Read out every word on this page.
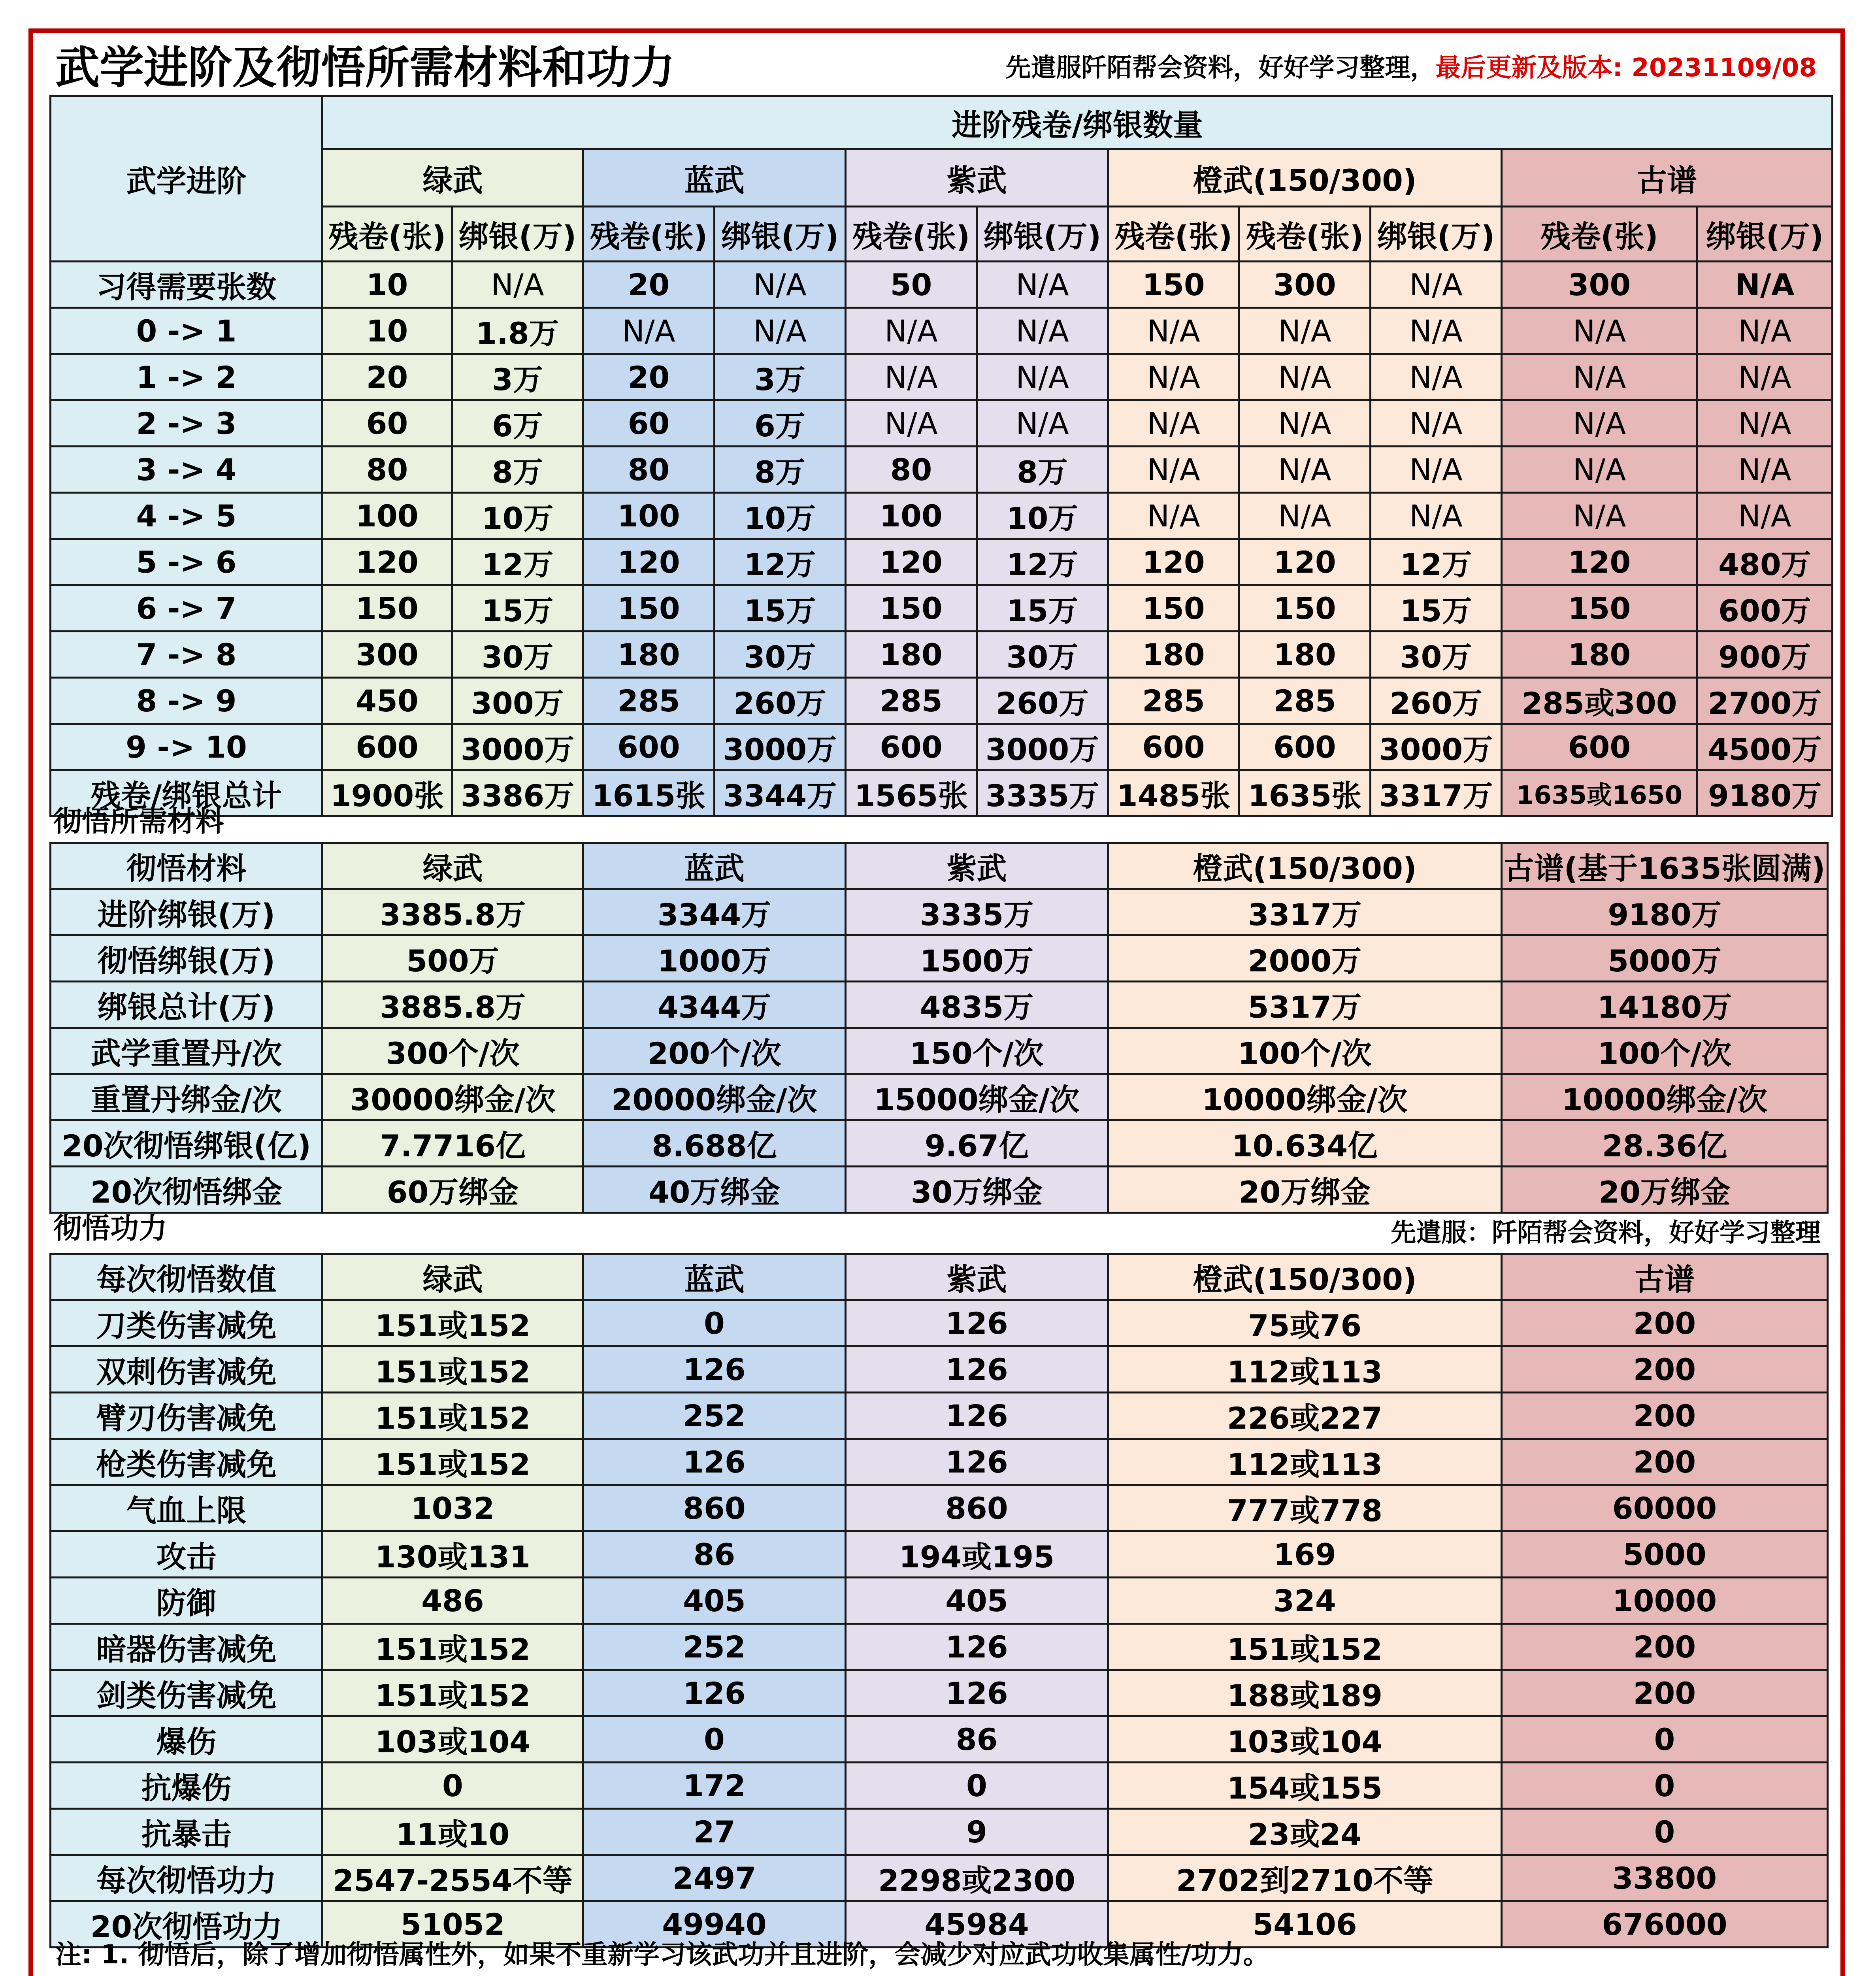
武学进阶及彻悟所需材料和功力	先遣服阡陌帮会资料，好好学习整理，最后更新及版本: 20231109/08
武学进阶	进阶残卷/绑银数量										
	绿武		蓝武		紫武		橙武(150/300)			古谱	
	残卷(张)	绑银(万)	残卷(张)	绑银(万)	残卷(张)	绑银(万)	残卷(张)	残卷(张)	绑银(万)	残卷(张)	绑银(万)
习得需要张数	10	N/A	20	N/A	50	N/A	150	300	N/A	300	N/A
0 -> 1	10	1.8万	N/A	N/A	N/A	N/A	N/A	N/A	N/A	N/A	N/A
1 -> 2	20	3万	20	3万	N/A	N/A	N/A	N/A	N/A	N/A	N/A
2 -> 3	60	6万	60	6万	N/A	N/A	N/A	N/A	N/A	N/A	N/A
3 -> 4	80	8万	80	8万	80	8万	N/A	N/A	N/A	N/A	N/A
4 -> 5	100	10万	100	10万	100	10万	N/A	N/A	N/A	N/A	N/A
5 -> 6	120	12万	120	12万	120	12万	120	120	12万	120	480万
6 -> 7	150	15万	150	15万	150	15万	150	150	15万	150	600万
7 -> 8	300	30万	180	30万	180	30万	180	180	30万	180	900万
8 -> 9	450	300万	285	260万	285	260万	285	285	260万	285或300	2700万
9 -> 10	600	3000万	600	3000万	600	3000万	600	600	3000万	600	4500万
残卷/绑银总计	1900张	3386万	1615张	3344万	1565张	3335万	1485张	1635张	3317万	1635或1650	9180万
彻悟所需材料
彻悟材料	绿武	蓝武	紫武	橙武(150/300)	古谱(基于1635张圆满)
进阶绑银(万)	3385.8万	3344万	3335万	3317万	9180万
彻悟绑银(万)	500万	1000万	1500万	2000万	5000万
绑银总计(万)	3885.8万	4344万	4835万	5317万	14180万
武学重置丹/次	300个/次	200个/次	150个/次	100个/次	100个/次
重置丹绑金/次	30000绑金/次	20000绑金/次	15000绑金/次	10000绑金/次	10000绑金/次
20次彻悟绑银(亿)	7.7716亿	8.688亿	9.67亿	10.634亿	28.36亿
20次彻悟绑金	60万绑金	40万绑金	30万绑金	20万绑金	20万绑金
彻悟功力	先遣服：阡陌帮会资料，好好学习整理
每次彻悟数值	绿武	蓝武	紫武	橙武(150/300)	古谱
刀类伤害减免	151或152	0	126	75或76	200
双刺伤害减免	151或152	126	126	112或113	200
臂刃伤害减免	151或152	252	126	226或227	200
枪类伤害减免	151或152	126	126	112或113	200
气血上限	1032	860	860	777或778	60000
攻击	130或131	86	194或195	169	5000
防御	486	405	405	324	10000
暗器伤害减免	151或152	252	126	151或152	200
剑类伤害减免	151或152	126	126	188或189	200
爆伤	103或104	0	86	103或104	0
抗爆伤	0	172	0	154或155	0
抗暴击	11或10	27	9	23或24	0
每次彻悟功力	2547-2554不等	2497	2298或2300	2702到2710不等	33800
20次彻悟功力	51052	49940	45984	54106	676000
注: 1. 彻悟后，除了增加彻悟属性外，如果不重新学习该武功并且进阶，会减少对应武功收集属性/功力。
